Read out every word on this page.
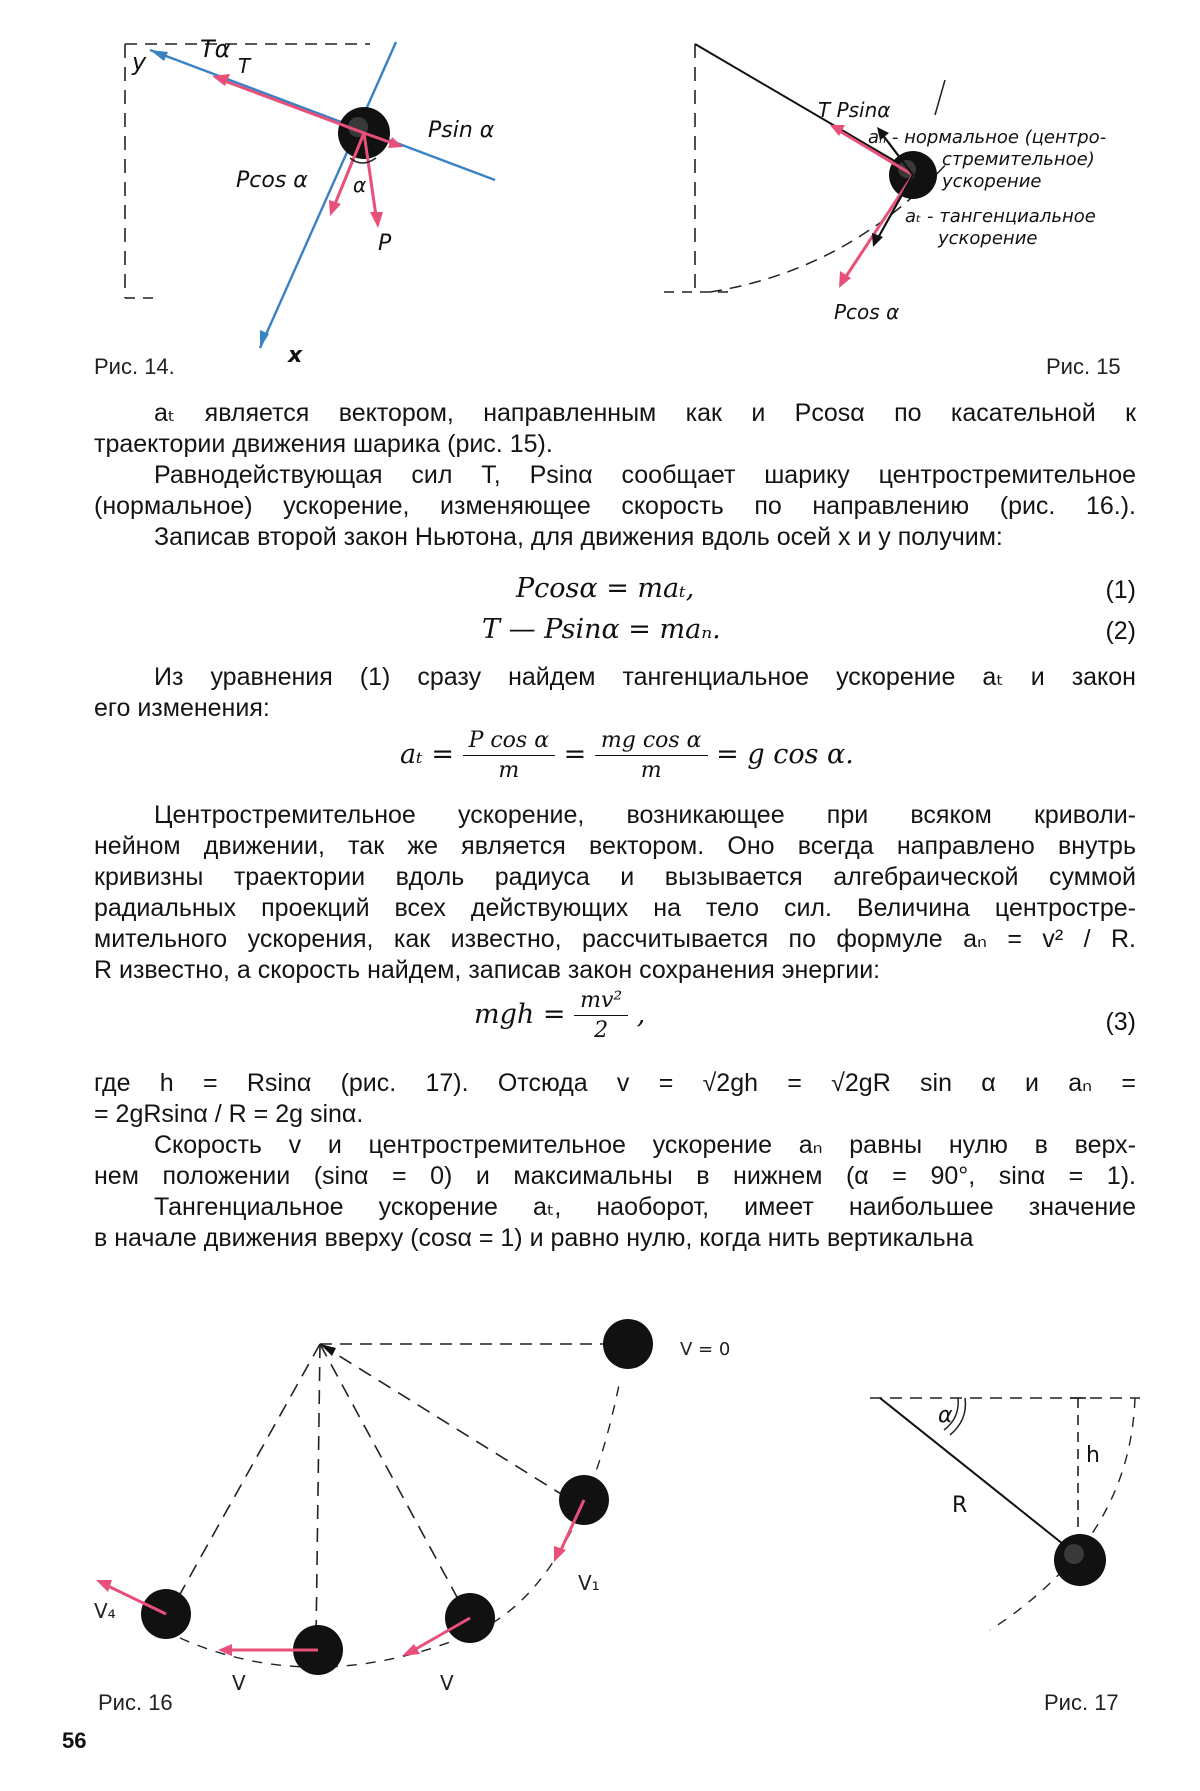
y Tα
T
Psin α
Pcos α α
P
x
Рис. 14.
T Psinα
aₙ - нормальное (центро-
стремительное)
ускорение
aₜ - тангенциальное
ускорение
Pcos α
Рис. 15
aₜ является вектором, направленным как и Pcosα по касательной к
траектории движения шарика (рис. 15).
Равнодействующая сил T, Psinα сообщает шарику центростремительное
(нормальное) ускорение, изменяющее скорость по направлению (рис. 16.).
Записав второй закон Ньютона, для движения вдоль осей x и y получим:
Pcosα = maₜ,	(1)
T — Psinα = maₙ.	(2)
Из уравнения (1) сразу найдем тангенциальное ускорение aₜ и закон
его изменения:
$a_t = \frac{\text{P cos α}}{m} = \frac{\text{mg cos α}}{m} = g$ cos α.
Центростремительное ускорение, возникающее при всяком криволи-
нейном движении, так же является вектором. Оно всегда направлено внутрь
кривизны траектории вдоль радиуса и вызывается алгебраической суммой
радиальных проекций всех действующих на тело сил. Величина центростре-
мительного ускорения, как известно, рассчитывается по формуле aₙ = v² / R.
R известно, а скорость найдем, записав закон сохранения энергии:
mgh = $\frac{\text{mv²}}{2}$ ,	(3)
где h = Rsinα (рис. 17). Отсюда v = √2gh = √2gR sin α и aₙ =
= 2gRsinα / R = 2g sinα.
Скорость v и центростремительное ускорение aₙ равны нулю в верх-
нем положении (sinα = 0) и максимальны в нижнем (α = 90°, sinα = 1).
Тангенциальное ускорение aₜ, наоборот, имеет наибольшее значение
в начале движения вверху (cosα = 1) и равно нулю, когда нить вертикальна
V = 0
V₁
V
V
V₄
Рис. 16
α
h
R
Рис. 17
56
